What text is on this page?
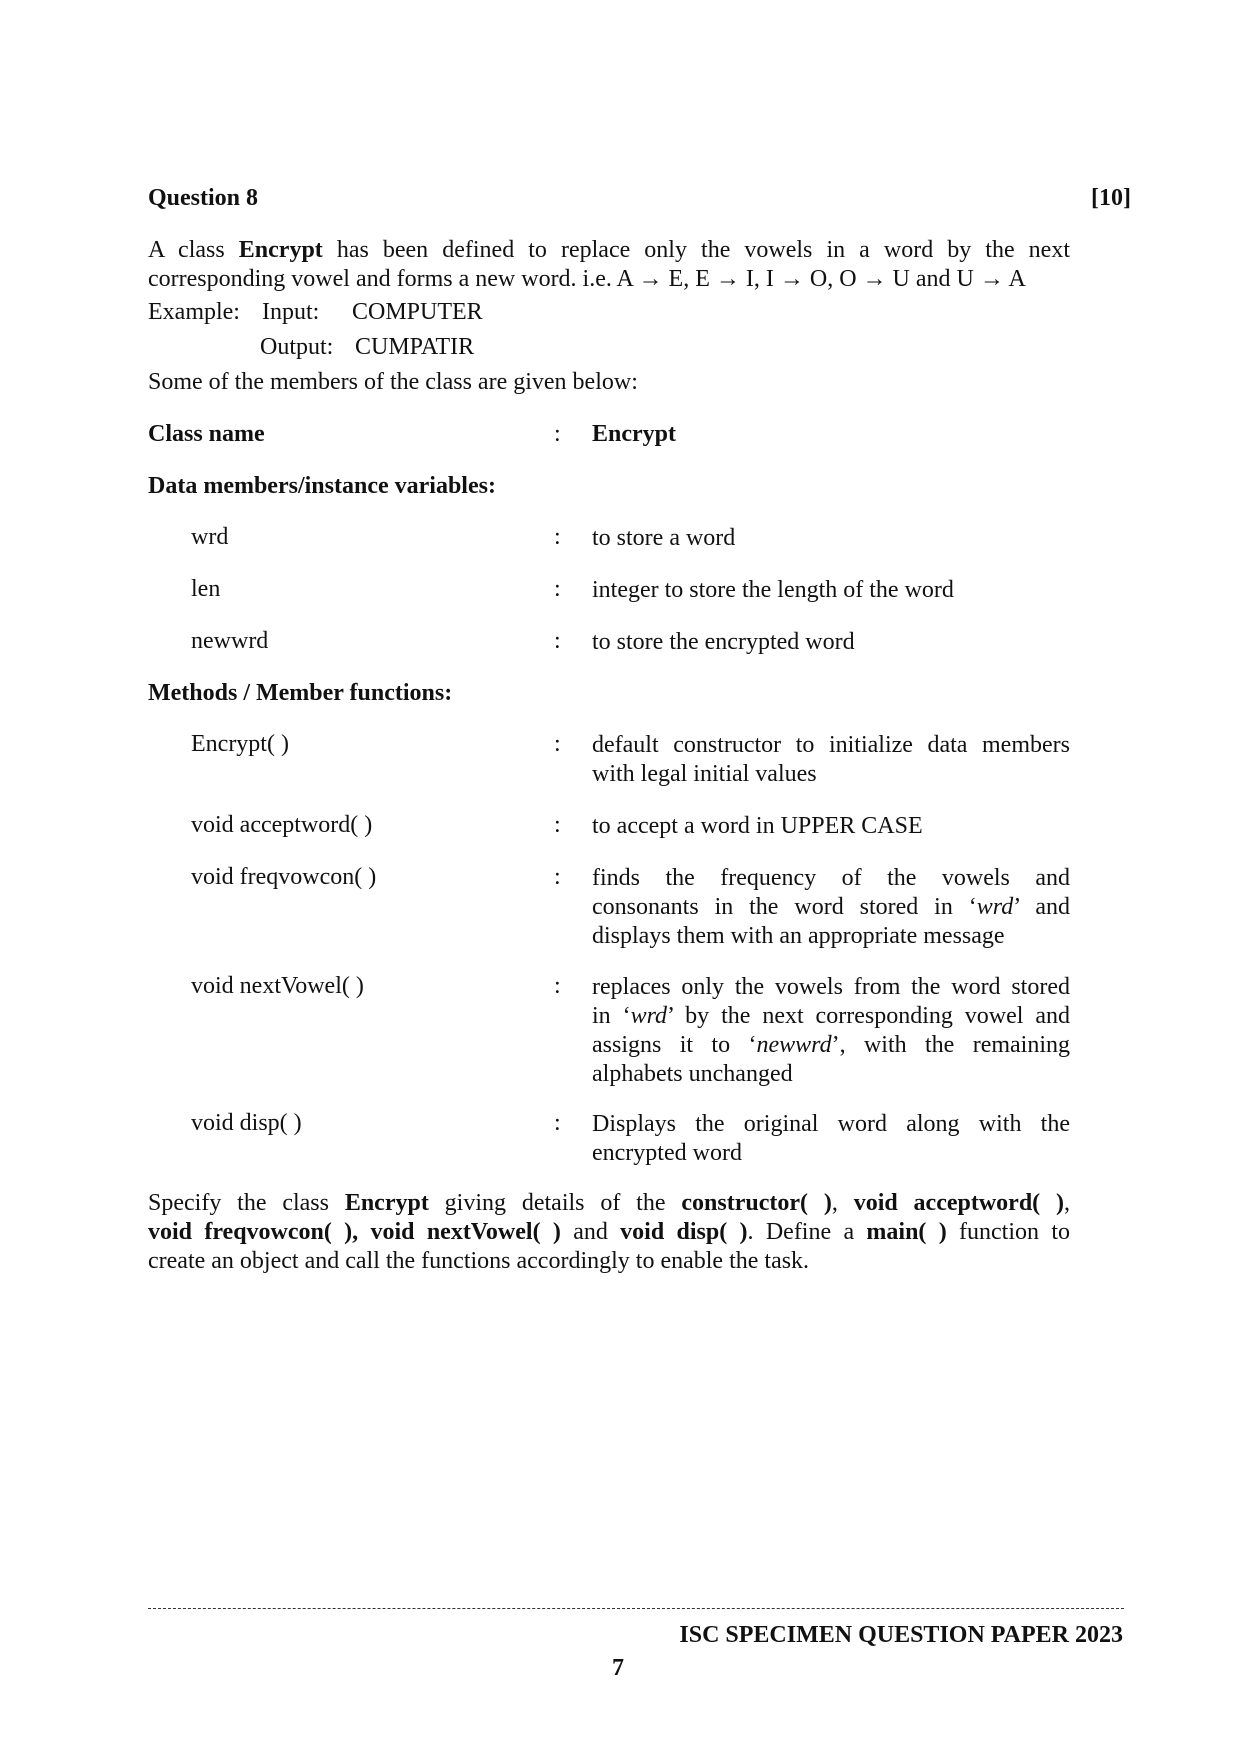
Question 8	[10]
A class Encrypt has been defined to replace only the vowels in a word by the next
corresponding vowel and forms a new word. i.e. A → E, E → I, I → O, O → U and U → A
Example: Input: COMPUTER
Output: CUMPATIR
Some of the members of the class are given below:
Class name	: Encrypt
Data members/instance variables:
wrd	: to store a word
len	: integer to store the length of the word
newwrd	: to store the encrypted word
Methods / Member functions:
Encrypt( )	: default constructor to initialize data members
with legal initial values
void acceptword( )	: to accept a word in UPPER CASE
void freqvowcon( )	: finds the frequency of the vowels and
consonants in the word stored in ‘wrd’ and
displays them with an appropriate message
void nextVowel( )	: replaces only the vowels from the word stored
in ‘wrd’ by the next corresponding vowel and
assigns it to ‘newwrd’, with the remaining
alphabets unchanged
void disp( )	: Displays the original word along with the
encrypted word
Specify the class Encrypt giving details of the constructor( ), void acceptword( ),
void freqvowcon( ), void nextVowel( ) and void disp( ). Define a main( ) function to
create an object and call the functions accordingly to enable the task.
ISC SPECIMEN QUESTION PAPER 2023
7
